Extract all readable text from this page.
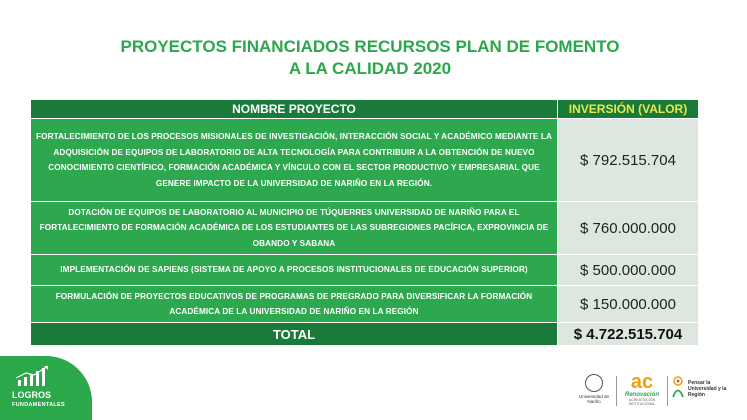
PROYECTOS FINANCIADOS RECURSOS PLAN DE FOMENTO
A LA CALIDAD 2020
NOMBRE PROYECTO	INVERSIÓN (VALOR)
FORTALECIMIENTO DE LOS PROCESOS MISIONALES DE INVESTIGACIÓN, INTERACCIÓN SOCIAL Y ACADÉMICO MEDIANTE LA ADQUISICIÓN DE EQUIPOS DE LABORATORIO DE ALTA TECNOLOGÍA PARA CONTRIBUIR A LA OBTENCIÓN DE NUEVO CONOCIMIENTO CIENTÍFICO, FORMACIÓN ACADÉMICA Y VÍNCULO CON EL SECTOR PRODUCTIVO Y EMPRESARIAL QUE GENERE IMPACTO DE LA UNIVERSIDAD DE NARIÑO EN LA REGIÓN.	$ 792.515.704
DOTACIÓN DE EQUIPOS DE LABORATORIO AL MUNICIPIO DE TÚQUERRES UNIVERSIDAD DE NARIÑO PARA EL FORTALECIMIENTO DE FORMACIÓN ACADÉMICA DE LOS ESTUDIANTES DE LAS SUBREGIONES PACÍFICA, EXPROVINCIA DE OBANDO Y SABANA	$ 760.000.000
IMPLEMENTACIÓN DE SAPIENS (SISTEMA DE APOYO A PROCESOS INSTITUCIONALES DE EDUCACIÓN SUPERIOR)	$ 500.000.000
FORMULACIÓN DE PROYECTOS EDUCATIVOS DE PROGRAMAS DE PREGRADO PARA DIVERSIFICAR LA FORMACIÓN ACADÉMICA DE LA UNIVERSIDAD DE NARIÑO EN LA REGIÓN	$ 150.000.000
TOTAL	$ 4.722.515.704
LOGROS
FUNDAMENTALES
Universidad de Nariño
ac
Renovación
ACREDITACIÓN INSTITUCIONAL
Pensar la Universidad y la Región
